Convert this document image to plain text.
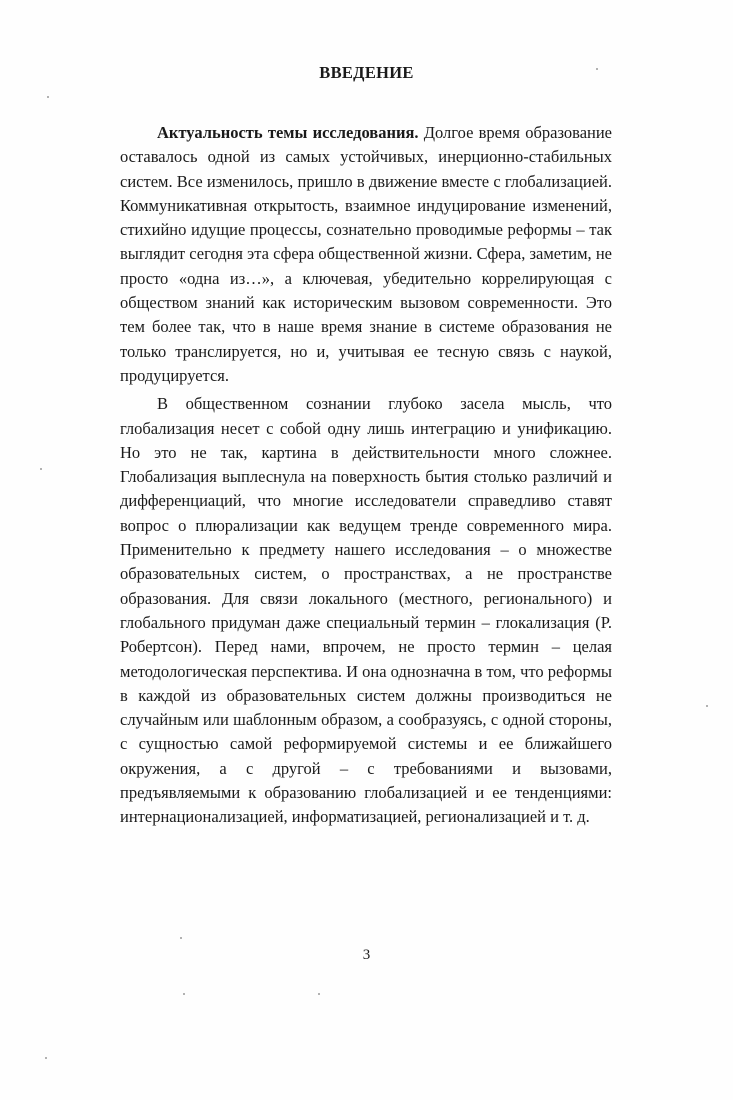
ВВЕДЕНИЕ

Актуальность темы исследования. Долгое время образование оставалось одной из самых устойчивых, инерционно-стабильных систем. Все изменилось, пришло в движение вместе с глобализацией. Коммуникативная открытость, взаимное индуцирование изменений, стихийно идущие процессы, сознательно проводимые реформы – так выглядит сегодня эта сфера общественной жизни. Сфера, заметим, не просто «одна из…», а ключевая, убедительно коррелирующая с обществом знаний как историческим вызовом современности. Это тем более так, что в наше время знание в системе образования не только транслируется, но и, учитывая ее тесную связь с наукой, продуцируется.

В общественном сознании глубоко засела мысль, что глобализация несет с собой одну лишь интеграцию и унификацию. Но это не так, картина в действительности много сложнее. Глобализация выплеснула на поверхность бытия столько различий и дифференциаций, что многие исследователи справедливо ставят вопрос о плюрализации как ведущем тренде современного мира. Применительно к предмету нашего исследования – о множестве образовательных систем, о пространствах, а не пространстве образования. Для связи локального (местного, регионального) и глобального придуман даже специальный термин – глокализация (Р. Робертсон). Перед нами, впрочем, не просто термин – целая методологическая перспектива. И она однозначна в том, что реформы в каждой из образовательных систем должны производиться не случайным или шаблонным образом, а сообразуясь, с одной стороны, с сущностью самой реформируемой системы и ее ближайшего окружения, а с другой – с требованиями и вызовами, предъявляемыми к образованию глобализацией и ее тенденциями: интернационализацией, информатизацией, регионализацией и т. д.

3
